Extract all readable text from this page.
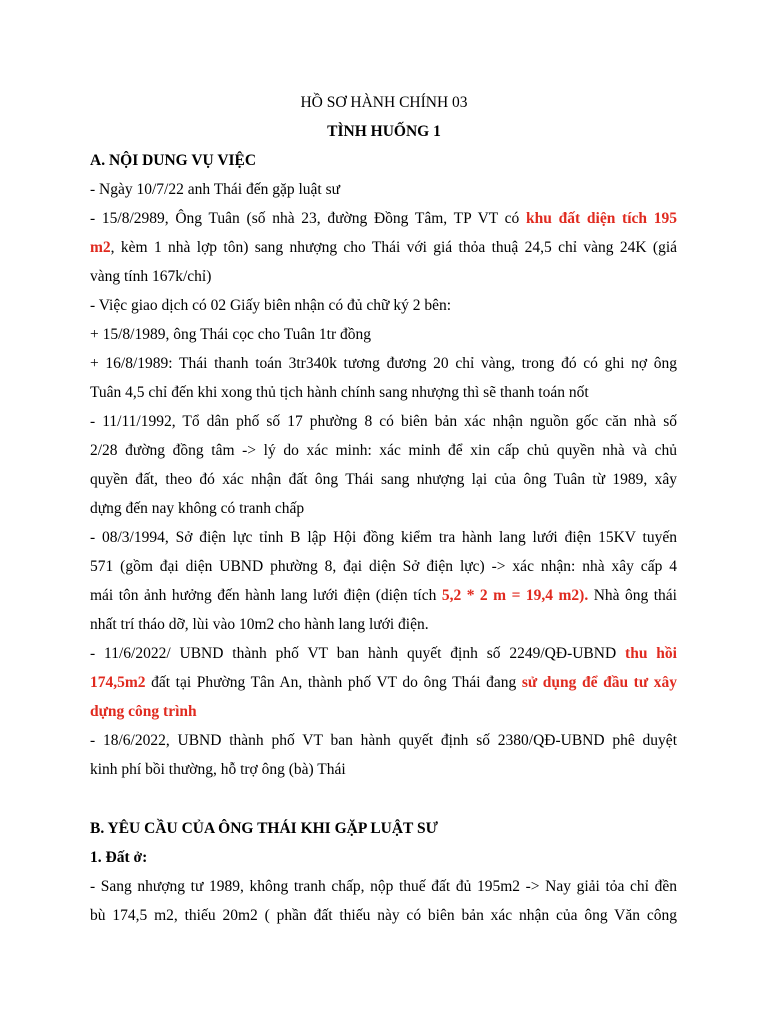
HỒ SƠ HÀNH CHÍNH 03
TÌNH HUỐNG 1
A. NỘI DUNG VỤ VIỆC
- Ngày 10/7/22 anh Thái đến gặp luật sư
- 15/8/2989, Ông Tuân (số nhà 23, đường Đồng Tâm, TP VT có khu đất diện tích 195
m2, kèm 1 nhà lợp tôn) sang nhượng cho Thái với giá thỏa thuậ 24,5 chỉ vàng 24K (giá
vàng tính 167k/chỉ)
- Việc giao dịch có 02 Giấy biên nhận có đủ chữ ký 2 bên:
+ 15/8/1989, ông Thái cọc cho Tuân 1tr đồng
+ 16/8/1989: Thái thanh toán 3tr340k tương đương 20 chỉ vàng, trong đó có ghi nợ ông
Tuân 4,5 chỉ đến khi xong thủ tịch hành chính sang nhượng thì sẽ thanh toán nốt
- 11/11/1992, Tổ dân phố số 17 phường 8 có biên bản xác nhận nguồn gốc căn nhà số
2/28 đường đồng tâm -> lý do xác minh: xác minh để xin cấp chủ quyền nhà và chủ
quyền đất, theo đó xác nhận đất ông Thái sang nhượng lại của ông Tuân từ 1989, xây
dựng đến nay không có tranh chấp
- 08/3/1994, Sở điện lực tỉnh B lập Hội đồng kiểm tra hành lang lưới điện 15KV tuyến
571 (gồm đại diện UBND phường 8, đại diện Sở điện lực) -> xác nhận: nhà xây cấp 4
mái tôn ảnh hưởng đến hành lang lưới điện (diện tích 5,2 * 2 m = 19,4 m2). Nhà ông thái
nhất trí tháo dỡ, lùi vào 10m2 cho hành lang lưới điện.
- 11/6/2022/ UBND thành phố VT ban hành quyết định số 2249/QĐ-UBND thu hồi
174,5m2 đất tại Phường Tân An, thành phố VT do ông Thái đang sử dụng để đầu tư xây
dựng công trình
- 18/6/2022, UBND thành phố VT ban hành quyết định số 2380/QĐ-UBND phê duyệt
kinh phí bồi thường, hỗ trợ ông (bà) Thái
B. YÊU CẦU CỦA ÔNG THÁI KHI GẶP LUẬT SƯ
1. Đất ở:
- Sang nhượng tư 1989, không tranh chấp, nộp thuế đất đủ 195m2 -> Nay giải tỏa chỉ đền
bù 174,5 m2, thiếu 20m2 ( phần đất thiếu này có biên bản xác nhận của ông Văn công
